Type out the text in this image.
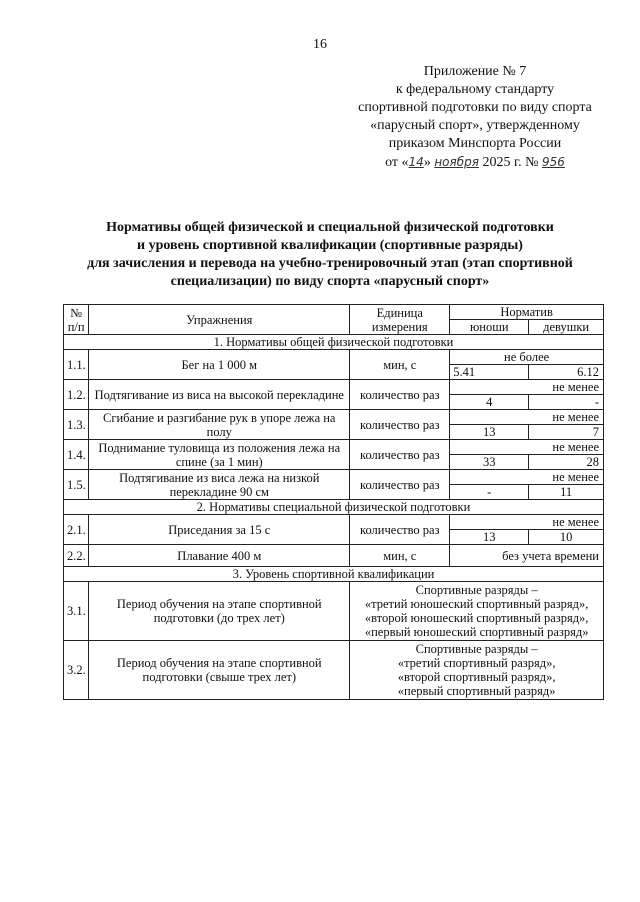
16
Приложение № 7
к федеральному стандарту
спортивной подготовки по виду спорта
«парусный спорт», утвержденному
приказом Минспорта России
от «14» ноября 2025 г. № 956
Нормативы общей физической и специальной физической подготовки
и уровень спортивной квалификации (спортивные разряды)
для зачисления и перевода на учебно-тренировочный этап (этап спортивной
специализации) по виду спорта «парусный спорт»
№ п/п	Упражнения	Единица измерения	Норматив	
			юноши	девушки
1. Нормативы общей физической подготовки				
1.1.	Бег на 1 000 м	мин, с	не более	
			5.41	6.12
1.2.	Подтягивание из виса на высокой перекладине	количество раз	не менее	
			4	-
1.3.	Сгибание и разгибание рук в упоре лежа на полу	количество раз	не менее	
			13	7
1.4.	Поднимание туловища из положения лежа на спине (за 1 мин)	количество раз	не менее	
			33	28
1.5.	Подтягивание из виса лежа на низкой перекладине 90 см	количество раз	не менее	
			-	11
2. Нормативы специальной физической подготовки				
2.1.	Приседания за 15 с	количество раз	не менее	
			13	10
2.2.	Плавание 400 м	мин, с	без учета времени	
3. Уровень спортивной квалификации				
3.1.	Период обучения на этапе спортивной подготовки (до трех лет)	Спортивные разряды –
«третий юношеский спортивный разряд»,
«второй юношеский спортивный разряд»,
«первый юношеский спортивный разряд»		

3.2.	Период обучения на этапе спортивной подготовки (свыше трех лет)	Спортивные разряды –
«третий спортивный разряд»,
«второй спортивный разряд»,
«первый спортивный разряд»		
